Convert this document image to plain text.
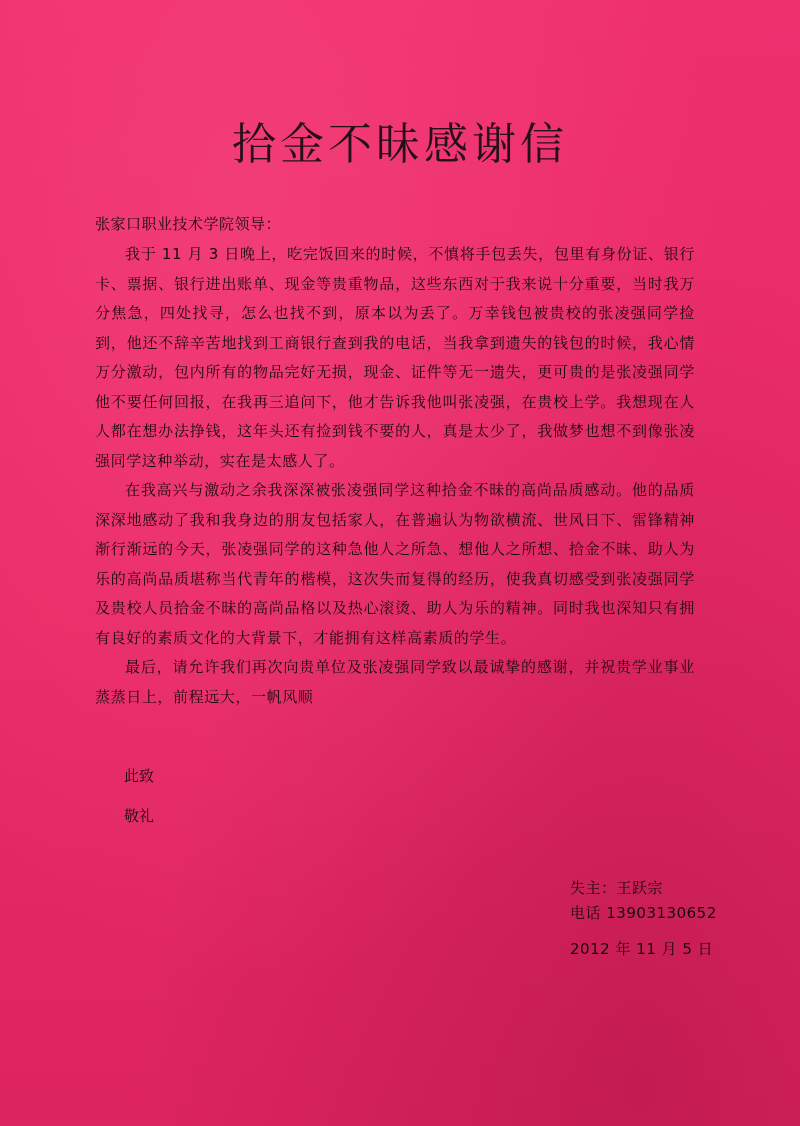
拾金不昧感谢信
张家口职业技术学院领导：

我于 11 月 3 日晚上，吃完饭回来的时候，不慎将手包丢失，包里有身份证、银行卡、票据、银行进出账单、现金等贵重物品，这些东西对于我来说十分重要，当时我万分焦急，四处找寻，怎么也找不到，原本以为丢了。万幸钱包被贵校的张凌强同学捡到，他还不辞辛苦地找到工商银行查到我的电话，当我拿到遗失的钱包的时候，我心情万分激动，包内所有的物品完好无损，现金、证件等无一遗失，更可贵的是张凌强同学他不要任何回报，在我再三追问下，他才告诉我他叫张凌强，在贵校上学。我想现在人人都在想办法挣钱，这年头还有捡到钱不要的人，真是太少了，我做梦也想不到像张凌强同学这种举动，实在是太感人了。

在我高兴与激动之余我深深被张凌强同学这种拾金不昧的高尚品质感动。他的品质深深地感动了我和我身边的朋友包括家人，在普遍认为物欲横流、世风日下、雷锋精神渐行渐远的今天，张凌强同学的这种急他人之所急、想他人之所想、拾金不昧、助人为乐的高尚品质堪称当代青年的楷模，这次失而复得的经历，使我真切感受到张凌强同学及贵校人员拾金不昧的高尚品格以及热心滚烫、助人为乐的精神。同时我也深知只有拥有良好的素质文化的大背景下，才能拥有这样高素质的学生。

最后，请允许我们再次向贵单位及张凌强同学致以最诚挚的感谢，并祝贵学业事业蒸蒸日上，前程远大，一帆风顺

此致
敬礼
失主：王跃宗
电话 13903130652
2012 年 11 月 5 日
